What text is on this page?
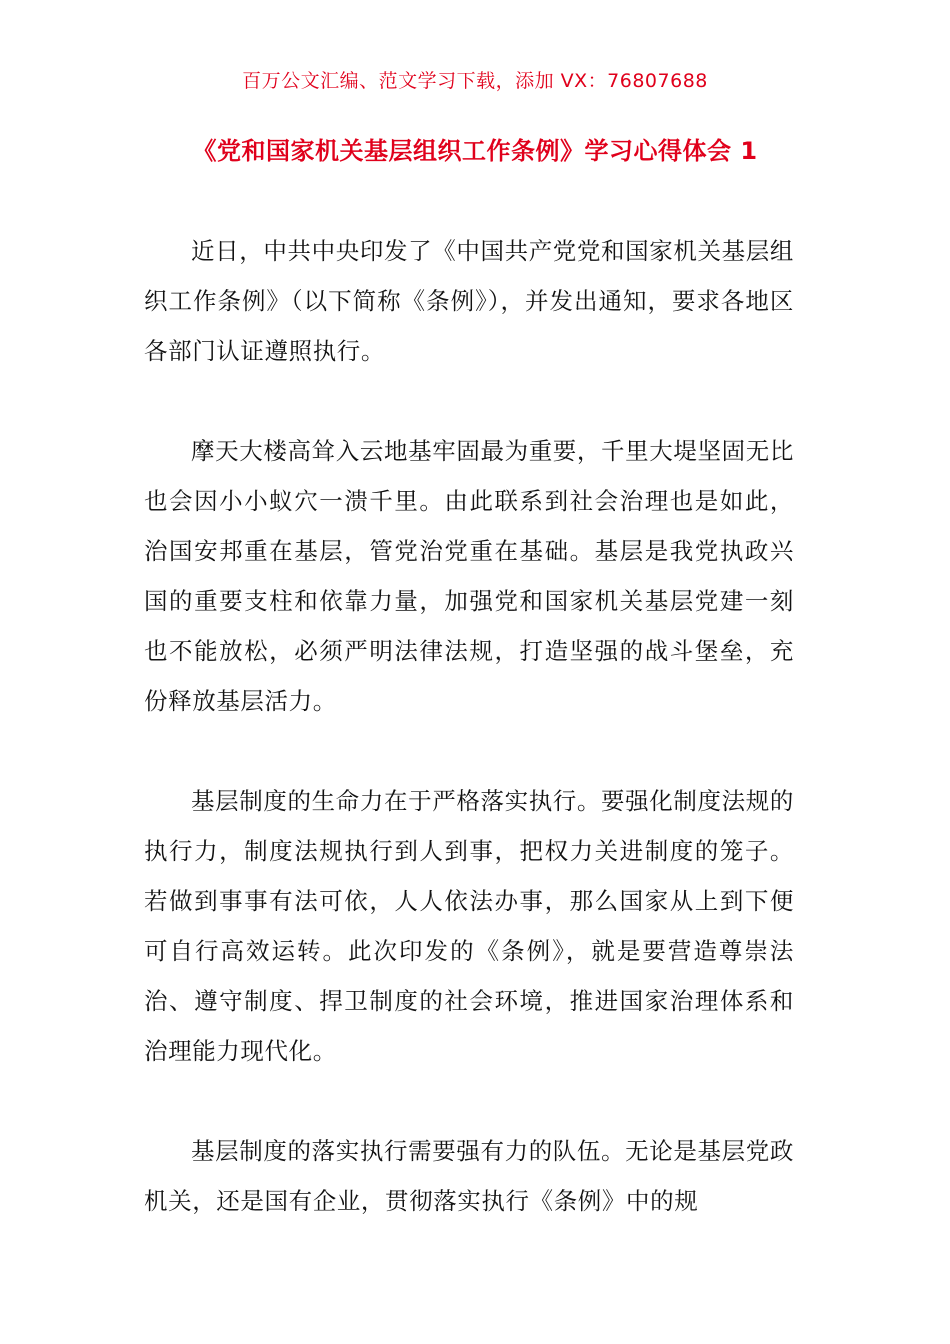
百万公文汇编、范文学习下载，添加 VX：76807688
《党和国家机关基层组织工作条例》学习心得体会 1

近日，中共中央印发了《中国共产党党和国家机关基层组织工作条例》（以下简称《条例》），并发出通知，要求各地区各部门认证遵照执行。

摩天大楼高耸入云地基牢固最为重要，千里大堤坚固无比也会因小小蚁穴一溃千里。由此联系到社会治理也是如此，治国安邦重在基层，管党治党重在基础。基层是我党执政兴国的重要支柱和依靠力量，加强党和国家机关基层党建一刻也不能放松，必须严明法律法规，打造坚强的战斗堡垒，充份释放基层活力。

基层制度的生命力在于严格落实执行。要强化制度法规的执行力，制度法规执行到人到事，把权力关进制度的笼子。若做到事事有法可依，人人依法办事，那么国家从上到下便可自行高效运转。此次印发的《条例》，就是要营造尊崇法治、遵守制度、捍卫制度的社会环境，推进国家治理体系和治理能力现代化。

基层制度的落实执行需要强有力的队伍。无论是基层党政机关，还是国有企业，贯彻落实执行《条例》中的规
